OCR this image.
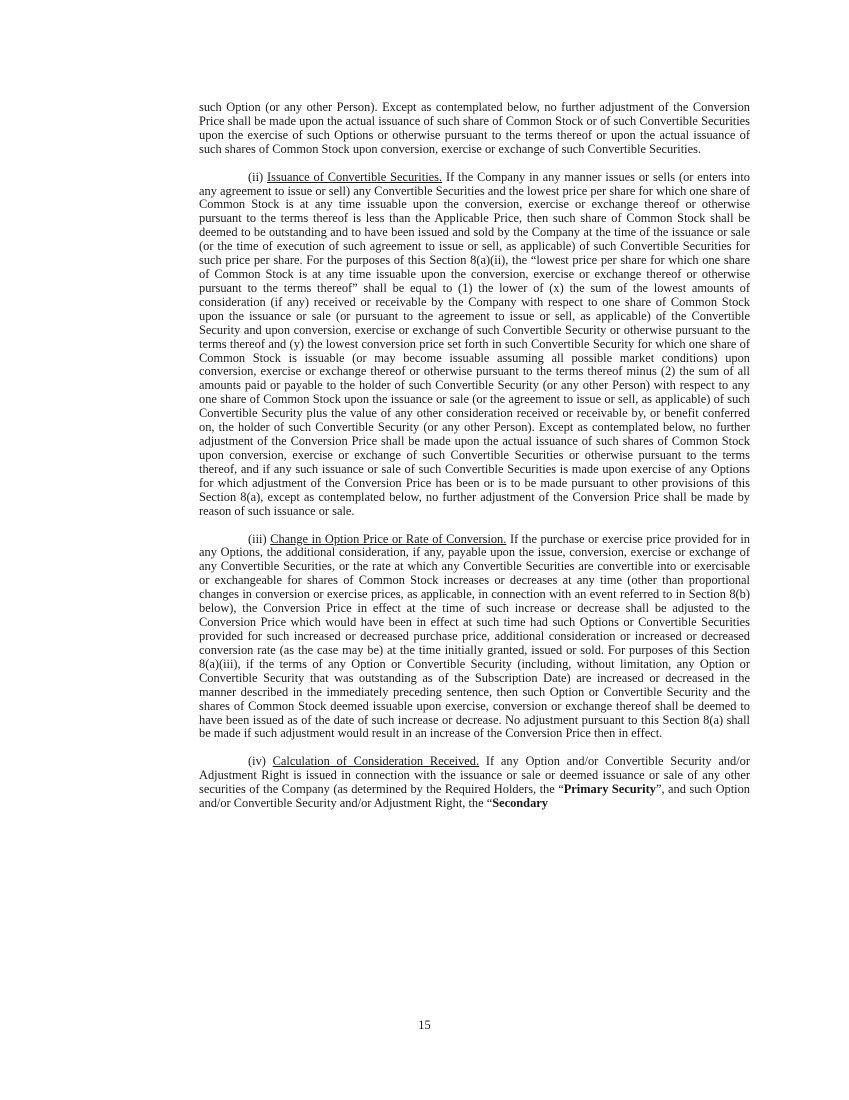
such Option (or any other Person). Except as contemplated below, no further adjustment of the Conversion Price shall be made upon the actual issuance of such share of Common Stock or of such Convertible Securities upon the exercise of such Options or otherwise pursuant to the terms thereof or upon the actual issuance of such shares of Common Stock upon conversion, exercise or exchange of such Convertible Securities.

(ii) Issuance of Convertible Securities. If the Company in any manner issues or sells (or enters into any agreement to issue or sell) any Convertible Securities and the lowest price per share for which one share of Common Stock is at any time issuable upon the conversion, exercise or exchange thereof or otherwise pursuant to the terms thereof is less than the Applicable Price, then such share of Common Stock shall be deemed to be outstanding and to have been issued and sold by the Company at the time of the issuance or sale (or the time of execution of such agreement to issue or sell, as applicable) of such Convertible Securities for such price per share. For the purposes of this Section 8(a)(ii), the “lowest price per share for which one share of Common Stock is at any time issuable upon the conversion, exercise or exchange thereof or otherwise pursuant to the terms thereof” shall be equal to (1) the lower of (x) the sum of the lowest amounts of consideration (if any) received or receivable by the Company with respect to one share of Common Stock upon the issuance or sale (or pursuant to the agreement to issue or sell, as applicable) of the Convertible Security and upon conversion, exercise or exchange of such Convertible Security or otherwise pursuant to the terms thereof and (y) the lowest conversion price set forth in such Convertible Security for which one share of Common Stock is issuable (or may become issuable assuming all possible market conditions) upon conversion, exercise or exchange thereof or otherwise pursuant to the terms thereof minus (2) the sum of all amounts paid or payable to the holder of such Convertible Security (or any other Person) with respect to any one share of Common Stock upon the issuance or sale (or the agreement to issue or sell, as applicable) of such Convertible Security plus the value of any other consideration received or receivable by, or benefit conferred on, the holder of such Convertible Security (or any other Person). Except as contemplated below, no further adjustment of the Conversion Price shall be made upon the actual issuance of such shares of Common Stock upon conversion, exercise or exchange of such Convertible Securities or otherwise pursuant to the terms thereof, and if any such issuance or sale of such Convertible Securities is made upon exercise of any Options for which adjustment of the Conversion Price has been or is to be made pursuant to other provisions of this Section 8(a), except as contemplated below, no further adjustment of the Conversion Price shall be made by reason of such issuance or sale.

(iii) Change in Option Price or Rate of Conversion. If the purchase or exercise price provided for in any Options, the additional consideration, if any, payable upon the issue, conversion, exercise or exchange of any Convertible Securities, or the rate at which any Convertible Securities are convertible into or exercisable or exchangeable for shares of Common Stock increases or decreases at any time (other than proportional changes in conversion or exercise prices, as applicable, in connection with an event referred to in Section 8(b) below), the Conversion Price in effect at the time of such increase or decrease shall be adjusted to the Conversion Price which would have been in effect at such time had such Options or Convertible Securities provided for such increased or decreased purchase price, additional consideration or increased or decreased conversion rate (as the case may be) at the time initially granted, issued or sold. For purposes of this Section 8(a)(iii), if the terms of any Option or Convertible Security (including, without limitation, any Option or Convertible Security that was outstanding as of the Subscription Date) are increased or decreased in the manner described in the immediately preceding sentence, then such Option or Convertible Security and the shares of Common Stock deemed issuable upon exercise, conversion or exchange thereof shall be deemed to have been issued as of the date of such increase or decrease. No adjustment pursuant to this Section 8(a) shall be made if such adjustment would result in an increase of the Conversion Price then in effect.

(iv) Calculation of Consideration Received. If any Option and/or Convertible Security and/or Adjustment Right is issued in connection with the issuance or sale or deemed issuance or sale of any other securities of the Company (as determined by the Required Holders, the “Primary Security”, and such Option and/or Convertible Security and/or Adjustment Right, the “Secondary

15
